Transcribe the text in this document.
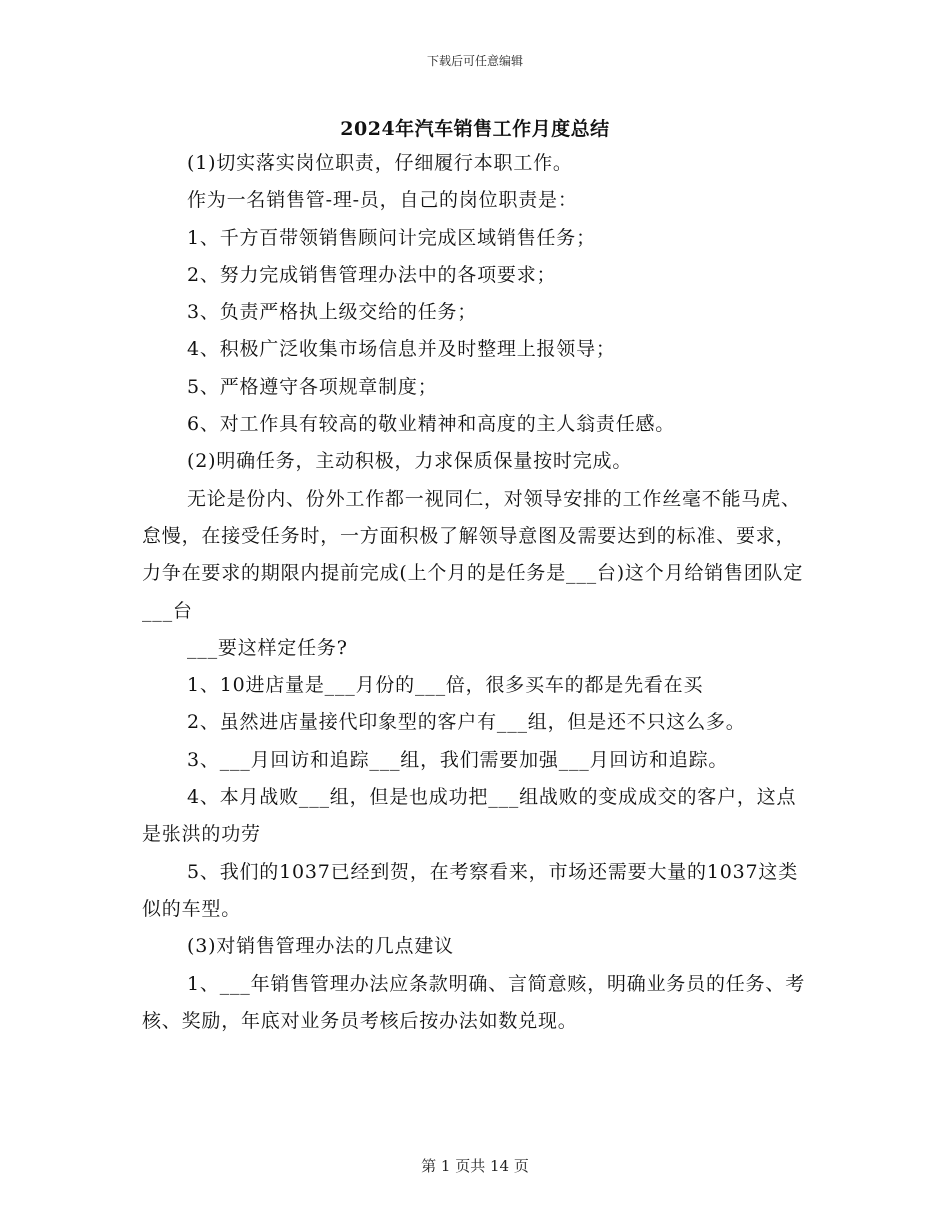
下载后可任意编辑
2024年汽车销售工作月度总结

(1)切实落实岗位职责，仔细履行本职工作。

作为一名销售管-理-员，自己的岗位职责是：

1、千方百带领销售顾问计完成区域销售任务；

2、努力完成销售管理办法中的各项要求；

3、负责严格执上级交给的任务；

4、积极广泛收集市场信息并及时整理上报领导；

5、严格遵守各项规章制度；

6、对工作具有较高的敬业精神和高度的主人翁责任感。

(2)明确任务，主动积极，力求保质保量按时完成。

无论是份内、份外工作都一视同仁，对领导安排的工作丝毫不能马虎、怠慢，在接受任务时，一方面积极了解领导意图及需要达到的标准、要求，力争在要求的期限内提前完成(上个月的是任务是___台)这个月给销售团队定___台

___要这样定任务?

1、10进店量是___月份的___倍，很多买车的都是先看在买

2、虽然进店量接代印象型的客户有___组，但是还不只这么多。

3、___月回访和追踪___组，我们需要加强___月回访和追踪。

4、本月战败___组，但是也成功把___组战败的变成成交的客户，这点是张洪的功劳

5、我们的1037已经到贺，在考察看来，市场还需要大量的1037这类似的车型。

(3)对销售管理办法的几点建议

1、___年销售管理办法应条款明确、言简意赅，明确业务员的任务、考核、奖励，年底对业务员考核后按办法如数兑现。

第 1 页共 14 页
